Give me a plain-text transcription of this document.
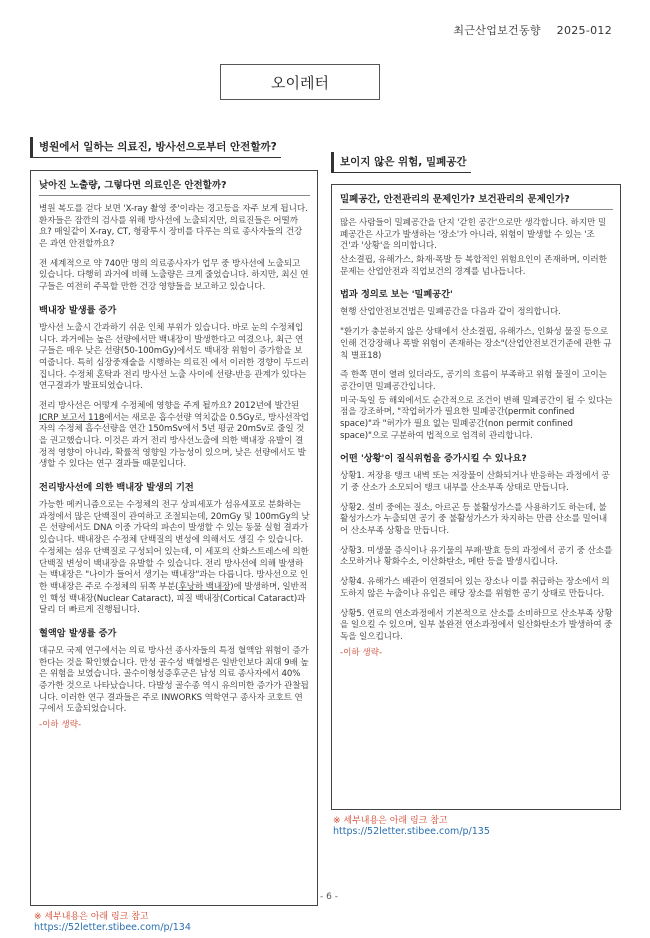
최근산업보건동향 2025-012
오이레터
병원에서 일하는 의료진, 방사선으로부터 안전할까?
낮아진 노출량, 그렇다면 의료인은 안전할까?

병원 복도를 걷다 보면 'X-ray 촬영 중'이라는 경고등을 자주 보게 됩니다. 환자들은 잠깐의 검사를 위해 방사선에 노출되지만, 의료진들은 어떨까요? 매일같이 X-ray, CT, 형광투시 장비를 다루는 의료 종사자들의 건강은 과연 안전할까요?

전 세계적으로 약 740만 명의 의료종사자가 업무 중 방사선에 노출되고 있습니다. 다행히 과거에 비해 노출량은 크게 줄었습니다. 하지만, 최신 연구들은 여전히 주목할 만한 건강 영향들을 보고하고 있습니다.

백내장 발생률 증가

방사선 노출시 간과하기 쉬운 인체 부위가 있습니다. 바로 눈의 수정체입니다. 과거에는 높은 선량에서만 백내장이 발생한다고 여겼으나, 최근 연구들은 매우 낮은 선량(50-100mGy)에서도 백내장 위험이 증가함을 보여줍니다. 특히 심장중재술을 시행하는 의료진 에서 이러한 경향이 두드러집니다. 수정체 혼탁과 전리 방사선 노출 사이에 선량-반응 관계가 있다는 연구결과가 발표되었습니다.

전리 방사선은 어떻게 수정체에 영향을 주게 될까요? 2012년에 발간된 ICRP 보고서 118에서는 새로운 흡수선량 역치값을 0.5Gy로, 방사선작업자의 수정체 흡수선량을 연간 150mSv에서 5년 평균 20mSv로 줄일 것을 권고했습니다. 이것은 과거 전리 방사선노출에 의한 백내장 유발이 결정적 영향이 아니라, 확률적 영향일 가능성이 있으며, 낮은 선량에서도 발생할 수 있다는 연구 결과들 때문입니다.

전리방사선에 의한 백내장 발생의 기전

가능한 메커니즘으로는 수정체의 전구 상피세포가 섬유세포로 분화하는 과정에서 많은 단백질이 관여하고 조절되는데, 20mGy 및 100mGy의 낮은 선량에서도 DNA 이중 가닥의 파손이 발생할 수 있는 동물 실험 결과가 있습니다. 백내장은 수정체 단백질의 변성에 의해서도 생길 수 있습니다. 수정체는 섬유 단백질로 구성되어 있는데, 이 세포의 산화스트레스에 의한 단백질 변성이 백내장을 유발할 수 있습니다. 전리 방사선에 의해 발생하는 백내장은 "나이가 들어서 생기는 백내장"과는 다릅니다. 방사선으로 인한 백내장은 주로 수정체의 뒤쪽 부분(후낭하 백내장)에 발생하며, 일반적인 핵성 백내장(Nuclear Cataract), 피질 백내장(Cortical Cataract)과 달리 더 빠르게 진행됩니다.

혈액암 발생률 증가

대규모 국제 연구에서는 의료 방사선 종사자들의 특정 혈액암 위험이 증가한다는 것을 확인했습니다. 만성 골수성 백혈병은 일반인보다 최대 9배 높은 위험을 보였습니다. 골수이형성증후군은 남성 의료 종사자에서 40% 증가한 것으로 나타났습니다. 다발성 골수종 역시 유의미한 증가가 관찰됩니다. 이러한 연구 결과들은 주로 INWORKS 역학연구 종사자 코호트 연구에서 도출되었습니다.

-이하 생략-
※ 세부내용은 아래 링크 참고
https://52letter.stibee.com/p/134
보이지 않은 위험, 밀폐공간
밀폐공간, 안전관리의 문제인가? 보건관리의 문제인가?

많은 사람들이 밀폐공간을 단지 '갇힌 공간'으로만 생각합니다. 하지만 밀폐공간은 사고가 발생하는 '장소'가 아니라, 위험이 발생할 수 있는 '조건'과 '상황'을 의미합니다.

산소결핍, 유해가스, 화재·폭발 등 복합적인 위험요인이 존재하며, 이러한 문제는 산업안전과 직업보건의 경계를 넘나듭니다.

법과 정의로 보는 '밀폐공간'

현행 산업안전보건법은 밀폐공간을 다음과 같이 정의합니다.

"환기가 충분하지 않은 상태에서 산소결핍, 유해가스, 인화성 물질 등으로 인해 건강장해나 폭발 위험이 존재하는 장소"(산업안전보건기준에 관한 규칙 별표18)

즉 한쪽 면이 열려 있더라도, 공기의 흐름이 부족하고 위험 물질이 고이는 공간이면 밀폐공간입니다.

미국·독일 등 해외에서도 순간적으로 조건이 변해 밀폐공간이 될 수 있다는 점을 강조하며, "작업허가가 필요한 밀폐공간(permit confined space)"과 "허가가 필요 없는 밀폐공간(non permit confined space)"으로 구분하여 법적으로 엄격히 관리합니다.

어떤 '상황'이 질식위험을 증가시킬 수 있나요?

상황1. 저장용 탱크 내벽 또는 저장물이 산화되거나 반응하는 과정에서 공기 중 산소가 소모되어 탱크 내부를 산소부족 상태로 만듭니다.

상황2. 설비 중에는 질소, 아르곤 등 불활성가스를 사용하기도 하는데, 불활성가스가 누출되면 공기 중 불활성가스가 차지하는 만큼 산소를 밀어내어 산소부족 상황을 만듭니다.

상황3. 미생물 증식이나 유기물의 부패·발효 등의 과정에서 공기 중 산소를 소모하거나 황화수소, 이산화탄소, 메탄 등을 발생시킵니다.

상황4. 유해가스 배관이 연결되어 있는 장소나 이를 취급하는 장소에서 의도하지 않은 누출이나 유입은 해당 장소를 위험한 공기 상태로 만듭니다.

상황5. 연료의 연소과정에서 기본적으로 산소를 소비하므로 산소부족 상황을 일으킬 수 있으며, 일부 불완전 연소과정에서 일산화탄소가 발생하여 중독을 일으킵니다.

-이하 생략-
※ 세부내용은 아래 링크 참고
https://52letter.stibee.com/p/135
- 6 -
